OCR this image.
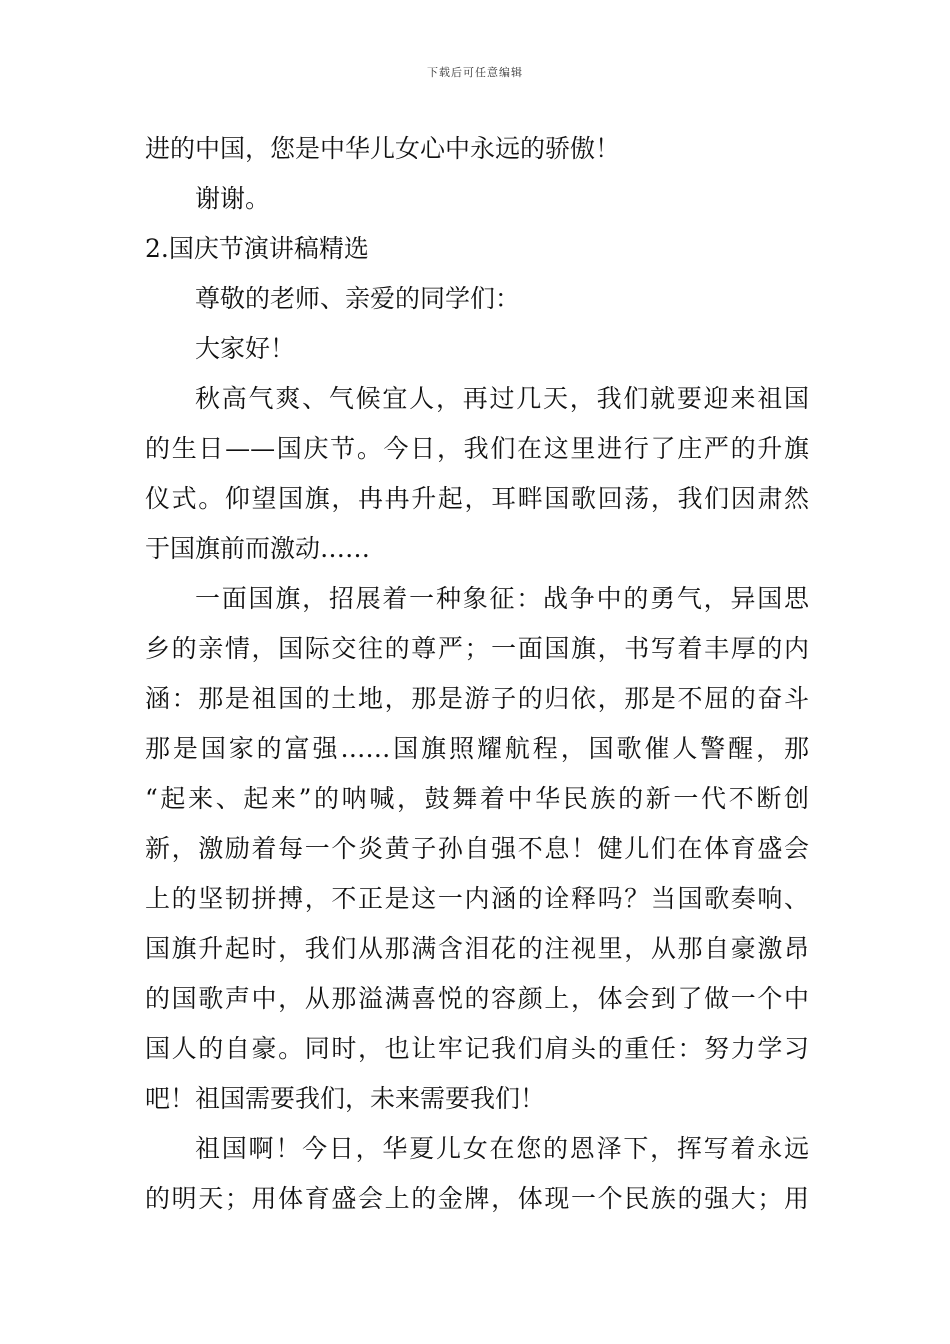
下载后可任意编辑
进的中国，您是中华儿女心中永远的骄傲！
谢谢。
2.国庆节演讲稿精选
尊敬的老师、亲爱的同学们：
大家好！
秋高气爽、气候宜人，再过几天，我们就要迎来祖国
的生日——国庆节。今日，我们在这里进行了庄严的升旗
仪式。仰望国旗，冉冉升起，耳畔国歌回荡，我们因肃然
于国旗前而激动……
一面国旗，招展着一种象征：战争中的勇气，异国思
乡的亲情，国际交往的尊严；一面国旗，书写着丰厚的内
涵：那是祖国的土地，那是游子的归依，那是不屈的奋斗
那是国家的富强……国旗照耀航程，国歌催人警醒，那
“起来、起来”的呐喊，鼓舞着中华民族的新一代不断创
新，激励着每一个炎黄子孙自强不息！健儿们在体育盛会
上的坚韧拼搏，不正是这一内涵的诠释吗？当国歌奏响、
国旗升起时，我们从那满含泪花的注视里，从那自豪激昂
的国歌声中，从那溢满喜悦的容颜上，体会到了做一个中
国人的自豪。同时，也让牢记我们肩头的重任：努力学习
吧！祖国需要我们，未来需要我们！
祖国啊！今日，华夏儿女在您的恩泽下，挥写着永远
的明天；用体育盛会上的金牌，体现一个民族的强大；用
